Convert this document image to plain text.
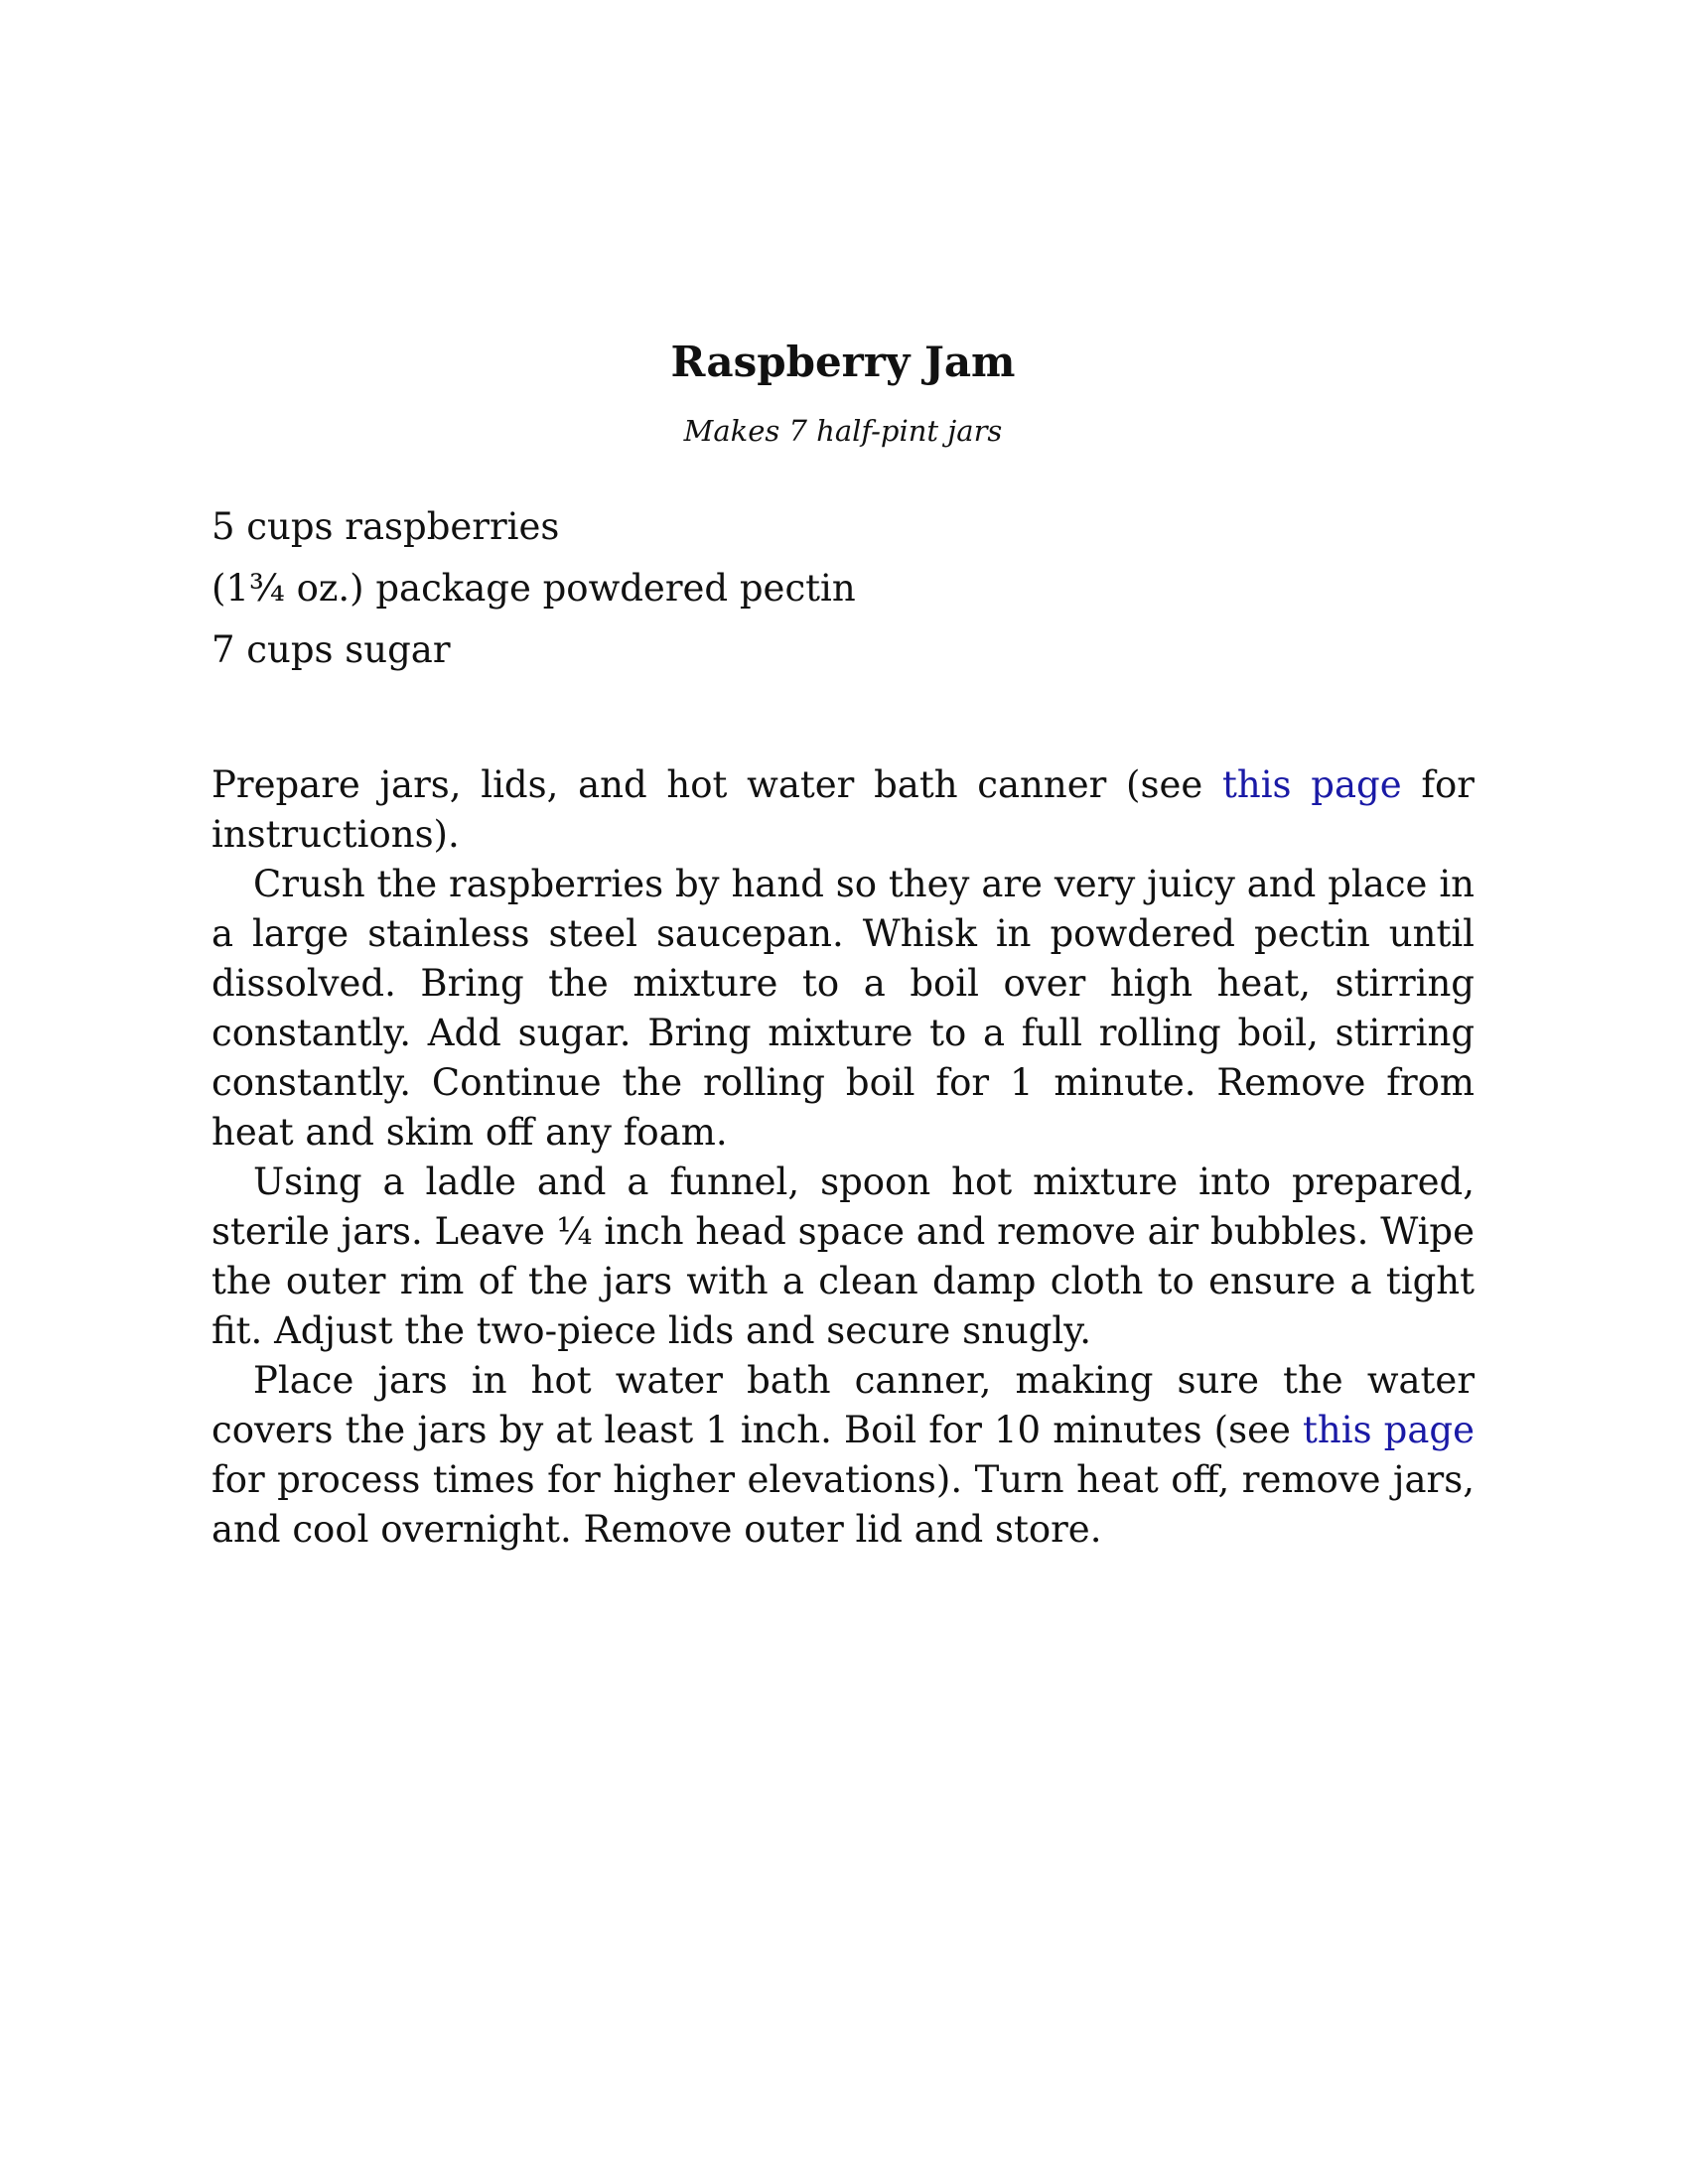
Raspberry Jam

Makes 7 half-pint jars

5 cups raspberries
(1¾ oz.) package powdered pectin
7 cups sugar

Prepare jars, lids, and hot water bath canner (see this page for instructions).

Crush the raspberries by hand so they are very juicy and place in a large stainless steel saucepan. Whisk in powdered pectin until dissolved. Bring the mixture to a boil over high heat, stirring constantly. Add sugar. Bring mixture to a full rolling boil, stirring constantly. Continue the rolling boil for 1 minute. Remove from heat and skim off any foam.

Using a ladle and a funnel, spoon hot mixture into prepared, sterile jars. Leave ¼ inch head space and remove air bubbles. Wipe the outer rim of the jars with a clean damp cloth to ensure a tight fit. Adjust the two-piece lids and secure snugly.

Place jars in hot water bath canner, making sure the water covers the jars by at least 1 inch. Boil for 10 minutes (see this page for process times for higher elevations). Turn heat off, remove jars, and cool overnight. Remove outer lid and store.
